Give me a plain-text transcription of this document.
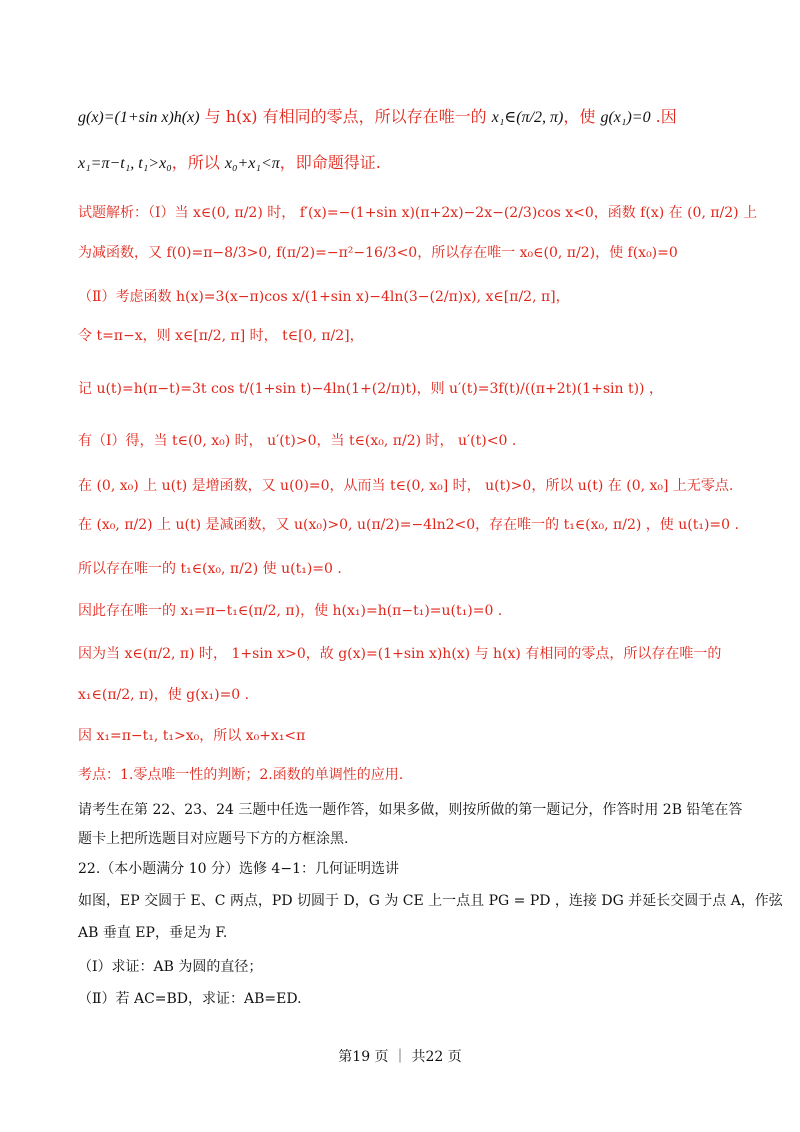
g(x)=(1+sin x)h(x) 与 h(x) 有相同的零点，所以存在唯一的 x₁∈(π/2, π)，使 g(x₁)=0 .因
x₁=π−t₁, t₁>x₀，所以 x₀+x₁<π，即命题得证.
试题解析：（Ⅰ）当 x∈(0, π/2) 时， f′(x)=−(1+sin x)(π+2x)−2x−(2/3)cos x<0，函数 f(x) 在 (0, π/2) 上
为减函数，又 f(0)=π−8/3>0, f(π/2)=−π²−16/3<0，所以存在唯一 x₀∈(0, π/2)，使 f(x₀)=0
（Ⅱ）考虑函数 h(x)=3(x−π)cos x/(1+sin x)−4ln(3−(2/π)x), x∈[π/2, π]，
令 t=π−x，则 x∈[π/2, π] 时， t∈[0, π/2]，
记 u(t)=h(π−t)=3t cos t/(1+sin t)−4ln(1+(2/π)t)，则 u′(t)=3f(t)/((π+2t)(1+sin t)) ，
有（Ⅰ）得，当 t∈(0, x₀) 时， u′(t)>0，当 t∈(x₀, π/2) 时， u′(t)<0 .
在 (0, x₀) 上 u(t) 是增函数，又 u(0)=0，从而当 t∈(0, x₀] 时， u(t)>0，所以 u(t) 在 (0, x₀] 上无零点.
在 (x₀, π/2) 上 u(t) 是减函数，又 u(x₀)>0, u(π/2)=−4ln2<0，存在唯一的 t₁∈(x₀, π/2) ，使 u(t₁)=0 .
所以存在唯一的 t₁∈(x₀, π/2) 使 u(t₁)=0 .
因此存在唯一的 x₁=π−t₁∈(π/2, π)，使 h(x₁)=h(π−t₁)=u(t₁)=0 .
因为当 x∈(π/2, π) 时， 1+sin x>0，故 g(x)=(1+sin x)h(x) 与 h(x) 有相同的零点，所以存在唯一的
x₁∈(π/2, π)，使 g(x₁)=0 .
因 x₁=π−t₁, t₁>x₀，所以 x₀+x₁<π
考点：1.零点唯一性的判断；2.函数的单调性的应用.
请考生在第 22、23、24 三题中任选一题作答，如果多做，则按所做的第一题记分，作答时用 2B 铅笔在答
题卡上把所选题目对应题号下方的方框涂黑.
22.（本小题满分 10 分）选修 4−1：几何证明选讲
如图，EP 交圆于 E、C 两点，PD 切圆于 D，G 为 CE 上一点且 PG = PD ，连接 DG 并延长交圆于点 A，作弦
AB 垂直 EP，垂足为 F.
（Ⅰ）求证：AB 为圆的直径；
（Ⅱ）若 AC=BD，求证：AB=ED.
第19 页 ｜ 共22 页
